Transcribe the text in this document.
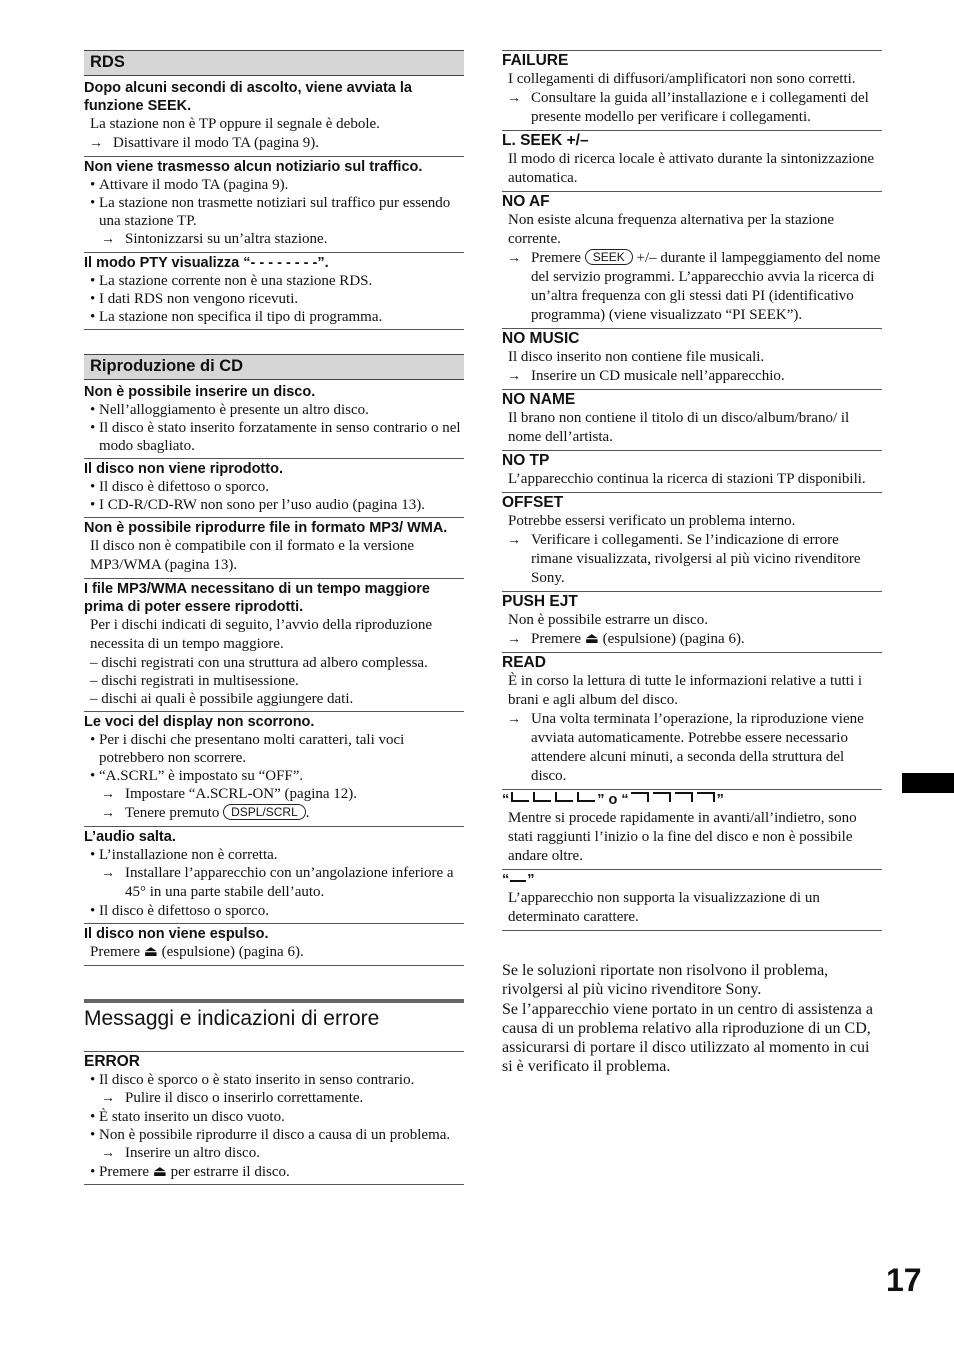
RDS
Dopo alcuni secondi di ascolto, viene avviata la funzione SEEK.
La stazione non è TP oppure il segnale è debole.
→ Disattivare il modo TA (pagina 9).
Non viene trasmesso alcun notiziario sul traffico.
• Attivare il modo TA (pagina 9).
• La stazione non trasmette notiziari sul traffico pur essendo una stazione TP.
→ Sintonizzarsi su un’altra stazione.
Il modo PTY visualizza “- - - - - - - -”.
• La stazione corrente non è una stazione RDS.
• I dati RDS non vengono ricevuti.
• La stazione non specifica il tipo di programma.
Riproduzione di CD
Non è possibile inserire un disco.
• Nell’alloggiamento è presente un altro disco.
• Il disco è stato inserito forzatamente in senso contrario o nel modo sbagliato.
Il disco non viene riprodotto.
• Il disco è difettoso o sporco.
• I CD-R/CD-RW non sono per l’uso audio (pagina 13).
Non è possibile riprodurre file in formato MP3/ WMA.
Il disco non è compatibile con il formato e la versione MP3/WMA (pagina 13).
I file MP3/WMA necessitano di un tempo maggiore prima di poter essere riprodotti.
Per i dischi indicati di seguito, l’avvio della riproduzione necessita di un tempo maggiore.
– dischi registrati con una struttura ad albero complessa.
– dischi registrati in multisessione.
– dischi ai quali è possibile aggiungere dati.
Le voci del display non scorrono.
• Per i dischi che presentano molti caratteri, tali voci potrebbero non scorrere.
• “A.SCRL” è impostato su “OFF”.
→ Impostare “A.SCRL-ON” (pagina 12).
→ Tenere premuto DSPL/SCRL .
L’audio salta.
• L’installazione non è corretta.
→ Installare l’apparecchio con un’angolazione inferiore a 45° in una parte stabile dell’auto.
• Il disco è difettoso o sporco.
Il disco non viene espulso.
Premere ⏏ (espulsione) (pagina 6).
Messaggi e indicazioni di errore
ERROR
• Il disco è sporco o è stato inserito in senso contrario.
→ Pulire il disco o inserirlo correttamente.
• È stato inserito un disco vuoto.
• Non è possibile riprodurre il disco a causa di un problema.
→ Inserire un altro disco.
• Premere ⏏ per estrarre il disco.
FAILURE
I collegamenti di diffusori/amplificatori non sono corretti.
→ Consultare la guida all’installazione e i collegamenti del presente modello per verificare i collegamenti.
L. SEEK +/–
Il modo di ricerca locale è attivato durante la sintonizzazione automatica.
NO AF
Non esiste alcuna frequenza alternativa per la stazione corrente.
→ Premere SEEK +/– durante il lampeggiamento del nome del servizio programmi. L’apparecchio avvia la ricerca di un’altra frequenza con gli stessi dati PI (identificativo programma) (viene visualizzato “PI SEEK”).
NO MUSIC
Il disco inserito non contiene file musicali.
→ Inserire un CD musicale nell’apparecchio.
NO NAME
Il brano non contiene il titolo di un disco/album/brano/ il nome dell’artista.
NO TP
L’apparecchio continua la ricerca di stazioni TP disponibili.
OFFSET
Potrebbe essersi verificato un problema interno.
→ Verificare i collegamenti. Se l’indicazione di errore rimane visualizzata, rivolgersi al più vicino rivenditore Sony.
PUSH EJT
Non è possibile estrarre un disco.
→ Premere ⏏ (espulsione) (pagina 6).
READ
È in corso la lettura di tutte le informazioni relative a tutti i brani e agli album del disco.
→ Una volta terminata l’operazione, la riproduzione viene avviata automaticamente. Potrebbe essere necessario attendere alcuni minuti, a seconda della struttura del disco.
“	” o “	”
Mentre si procede rapidamente in avanti/all’indietro, sono stati raggiunti l’inizio o la fine del disco e non è possibile andare oltre.
“ ”
L’apparecchio non supporta la visualizzazione di un determinato carattere.
Se le soluzioni riportate non risolvono il problema, rivolgersi al più vicino rivenditore Sony.
Se l’apparecchio viene portato in un centro di assistenza a causa di un problema relativo alla riproduzione di un CD, assicurarsi di portare il disco utilizzato al momento in cui si è verificato il problema.
17
